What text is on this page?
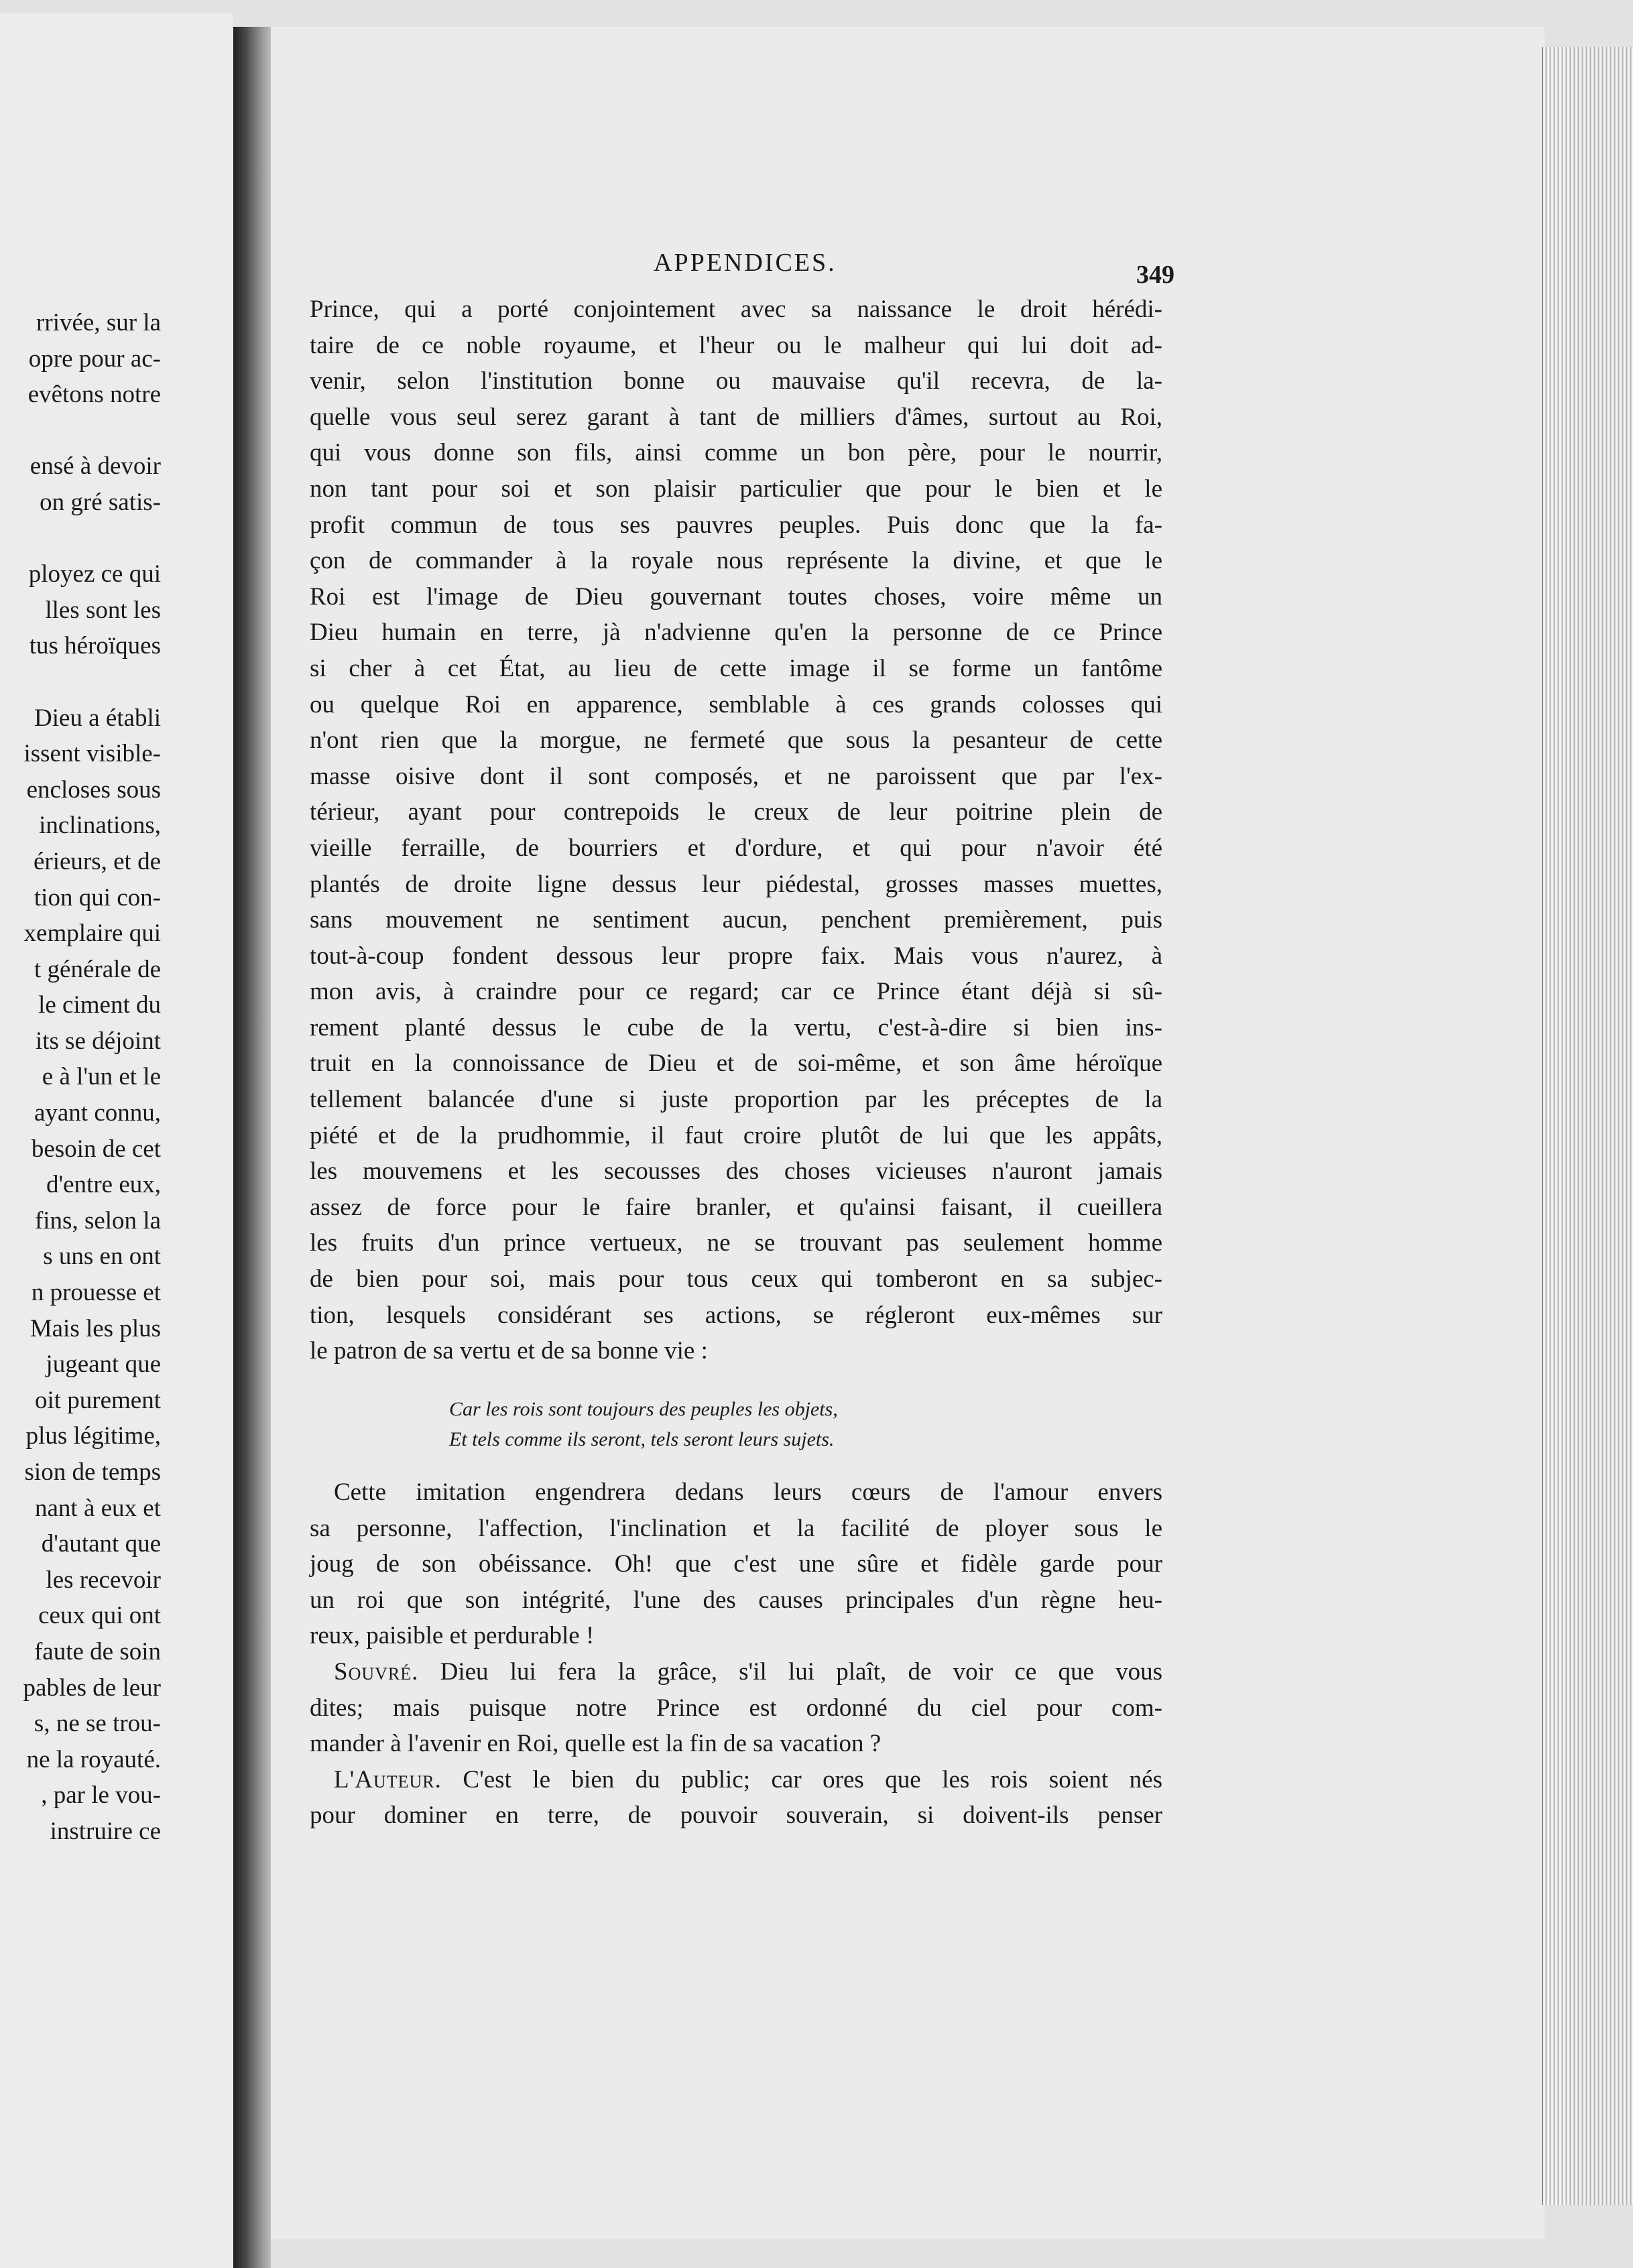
rrivée, sur la
opre pour ac-
evêtons notre
ensé à devoir
on gré satis-
ployez ce qui
lles sont les
tus héroïques
Dieu a établi
issent visible-
encloses sous
inclinations,
érieurs, et de
tion qui con-
xemplaire qui
t générale de
le ciment du
its se déjoint
e à l'un et le
ayant connu,
besoin de cet
d'entre eux,
fins, selon la
s uns en ont
n prouesse et
Mais les plus
jugeant que
oit purement
plus légitime,
sion de temps
nant à eux et
d'autant que
les recevoir
ceux qui ont
faute de soin
pables de leur
s, ne se trou-
ne la royauté.
, par le vou-
instruire ce
APPENDICES.	349
Prince, qui a porté conjointement avec sa naissance le droit hérédi-
taire de ce noble royaume, et l'heur ou le malheur qui lui doit ad-
venir, selon l'institution bonne ou mauvaise qu'il recevra, de la-
quelle vous seul serez garant à tant de milliers d'âmes, surtout au Roi,
qui vous donne son fils, ainsi comme un bon père, pour le nourrir,
non tant pour soi et son plaisir particulier que pour le bien et le
profit commun de tous ses pauvres peuples. Puis donc que la fa-
çon de commander à la royale nous représente la divine, et que le
Roi est l'image de Dieu gouvernant toutes choses, voire même un
Dieu humain en terre, jà n'advienne qu'en la personne de ce Prince
si cher à cet État, au lieu de cette image il se forme un fantôme
ou quelque Roi en apparence, semblable à ces grands colosses qui
n'ont rien que la morgue, ne fermeté que sous la pesanteur de cette
masse oisive dont il sont composés, et ne paroissent que par l'ex-
térieur, ayant pour contrepoids le creux de leur poitrine plein de
vieille ferraille, de bourriers et d'ordure, et qui pour n'avoir été
plantés de droite ligne dessus leur piédestal, grosses masses muettes,
sans mouvement ne sentiment aucun, penchent premièrement, puis
tout-à-coup fondent dessous leur propre faix. Mais vous n'aurez, à
mon avis, à craindre pour ce regard; car ce Prince étant déjà si sû-
rement planté dessus le cube de la vertu, c'est-à-dire si bien ins-
truit en la connoissance de Dieu et de soi-même, et son âme héroïque
tellement balancée d'une si juste proportion par les préceptes de la
piété et de la prudhommie, il faut croire plutôt de lui que les appâts,
les mouvemens et les secousses des choses vicieuses n'auront jamais
assez de force pour le faire branler, et qu'ainsi faisant, il cueillera
les fruits d'un prince vertueux, ne se trouvant pas seulement homme
de bien pour soi, mais pour tous ceux qui tomberont en sa subjec-
tion, lesquels considérant ses actions, se régleront eux-mêmes sur
le patron de sa vertu et de sa bonne vie :
Car les rois sont toujours des peuples les objets,
Et tels comme ils seront, tels seront leurs sujets.
Cette imitation engendrera dedans leurs cœurs de l'amour envers
sa personne, l'affection, l'inclination et la facilité de ployer sous le
joug de son obéissance. Oh! que c'est une sûre et fidèle garde pour
un roi que son intégrité, l'une des causes principales d'un règne heu-
reux, paisible et perdurable !
Souvré. Dieu lui fera la grâce, s'il lui plaît, de voir ce que vous
dites; mais puisque notre Prince est ordonné du ciel pour com-
mander à l'avenir en Roi, quelle est la fin de sa vacation ?
L'Auteur. C'est le bien du public; car ores que les rois soient nés
pour dominer en terre, de pouvoir souverain, si doivent-ils penser
